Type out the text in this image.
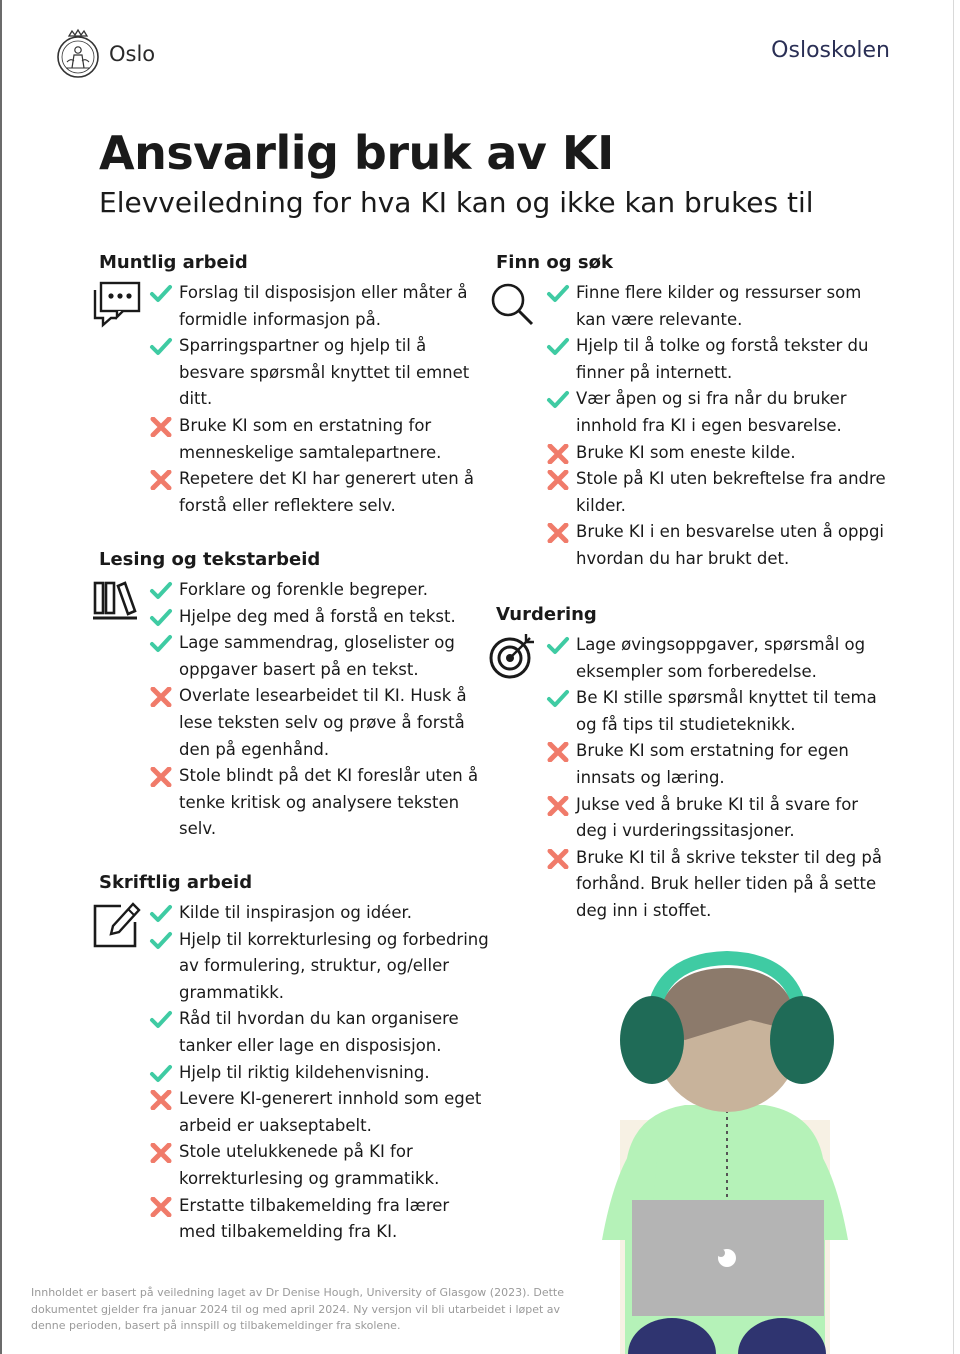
Oslo	Osloskolen
Ansvarlig bruk av KI

Elevveiledning for hva KI kan og ikke kan brukes til

Muntlig arbeid
Forslag til disposisjon eller måter å formidle informasjon på.
Sparringspartner og hjelp til å besvare spørsmål knyttet til emnet ditt.
Bruke KI som en erstatning for menneskelige samtalepartnere.
Repetere det KI har generert uten å forstå eller reflektere selv.
Lesing og tekstarbeid
Forklare og forenkle begreper.
Hjelpe deg med å forstå en tekst.
Lage sammendrag, gloselister og oppgaver basert på en tekst.
Overlate lesearbeidet til KI. Husk å lese teksten selv og prøve å forstå den på egenhånd.
Stole blindt på det KI foreslår uten å tenke kritisk og analysere teksten selv.
Skriftlig arbeid
Kilde til inspirasjon og idéer.
Hjelp til korrekturlesing og forbedring av formulering, struktur, og/eller grammatikk.
Råd til hvordan du kan organisere tanker eller lage en disposisjon.
Hjelp til riktig kildehenvisning.
Levere KI-generert innhold som eget arbeid er uakseptabelt.
Stole utelukkenede på KI for korrekturlesing og grammatikk.
Erstatte tilbakemelding fra lærer med tilbakemelding fra KI.
Finn og søk
Finne flere kilder og ressurser som kan være relevante.
Hjelp til å tolke og forstå tekster du finner på internett.
Vær åpen og si fra når du bruker innhold fra KI i egen besvarelse.
Bruke KI som eneste kilde.
Stole på KI uten bekreftelse fra andre kilder.
Bruke KI i en besvarelse uten å oppgi hvordan du har brukt det.
Vurdering
Lage øvingsoppgaver, spørsmål og eksempler som forberedelse.
Be KI stille spørsmål knyttet til tema og få tips til studieteknikk.
Bruke KI som erstatning for egen innsats og læring.
Jukse ved å bruke KI til å svare for deg i vurderingssitasjoner.
Bruke KI til å skrive tekster til deg på forhånd. Bruk heller tiden på å sette deg inn i stoffet.

Innholdet er basert på veiledning laget av Dr Denise Hough, University of Glasgow (2023). Dette dokumentet gjelder fra januar 2024 til og med april 2024. Ny versjon vil bli utarbeidet i løpet av denne perioden, basert på innspill og tilbakemeldinger fra skolene.
